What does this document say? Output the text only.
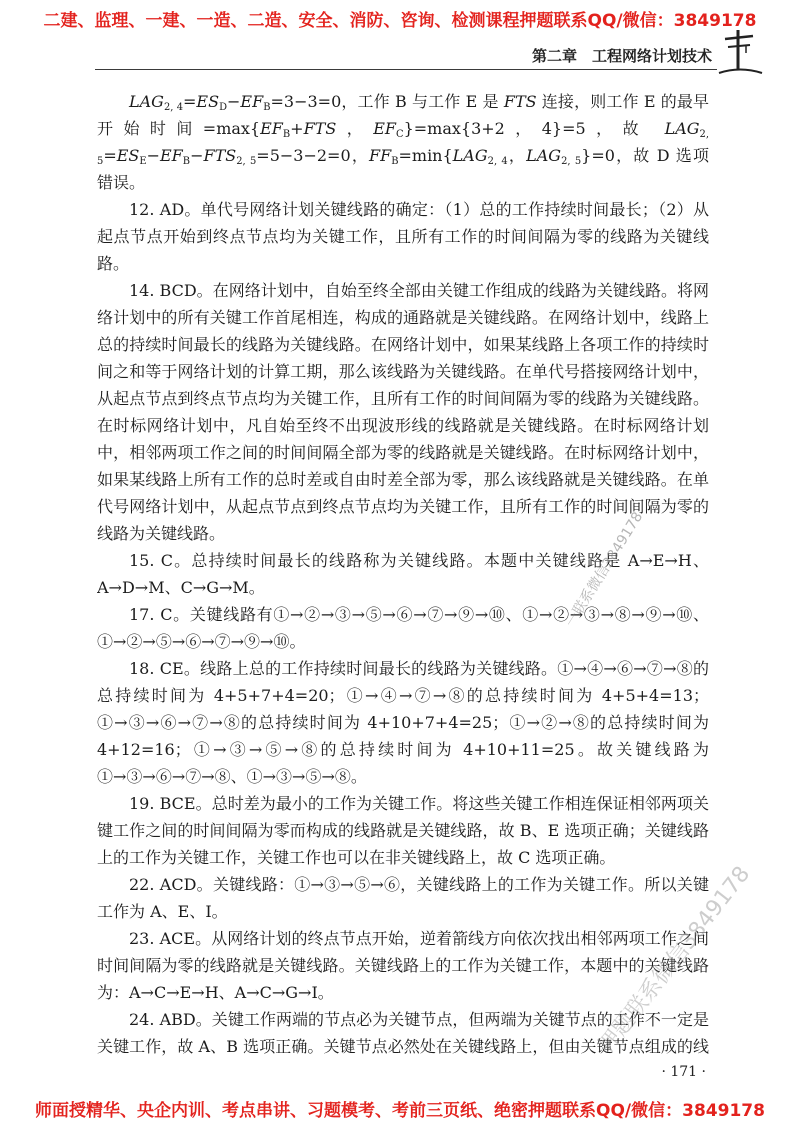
二建、监理、一建、一造、二造、安全、消防、咨询、检测课程押题联系QQ/微信：3849178
第二章　工程网络计划技术

$LAG_{2, 4}=ES_D-EF_B=3-3=0$，工作 B 与工作 E 是 FTS 连接，则工作 E 的最早开始时间$=\max\{EF_B+FTS$，$EF_C\}=\max\{3+2$，4}=5，故 $LAG_{2, 5}=ES_E-EF_B-FTS_{2, 5}=5-3-2=0$，$FF_B=\min\{LAG_{2, 4}$，$LAG_{2, 5}\}=0$，故 D 选项错误。

12. AD。单代号网络计划关键线路的确定：（1）总的工作持续时间最长；（2）从起点节点开始到终点节点均为关键工作，且所有工作的时间间隔为零的线路为关键线路。

14. BCD。在网络计划中，自始至终全部由关键工作组成的线路为关键线路。将网络计划中的所有关键工作首尾相连，构成的通路就是关键线路。在网络计划中，线路上总的持续时间最长的线路为关键线路。在网络计划中，如果某线路上各项工作的持续时间之和等于网络计划的计算工期，那么该线路为关键线路。在单代号搭接网络计划中，从起点节点到终点节点均为关键工作，且所有工作的时间间隔为零的线路为关键线路。在时标网络计划中，凡自始至终不出现波形线的线路就是关键线路。在时标网络计划中，相邻两项工作之间的时间间隔全部为零的线路就是关键线路。在时标网络计划中，如果某线路上所有工作的总时差或自由时差全部为零，那么该线路就是关键线路。在单代号网络计划中，从起点节点到终点节点均为关键工作，且所有工作的时间间隔为零的线路为关键线路。

15. C。总持续时间最长的线路称为关键线路。本题中关键线路是 A→E→H、A→D→M、C→G→M。

17. C。关键线路有①→②→③→⑤→⑥→⑦→⑨→⑩、①→②→③→⑧→⑨→⑩、①→②→⑤→⑥→⑦→⑨→⑩。

18. CE。线路上总的工作持续时间最长的线路为关键线路。①→④→⑥→⑦→⑧的总持续时间为 4+5+7+4=20；①→④→⑦→⑧的总持续时间为 4+5+4=13；①→③→⑥→⑦→⑧的总持续时间为 4+10+7+4=25；①→②→⑧的总持续时间为 4+12=16；①→③→⑤→⑧的总持续时间为 4+10+11=25。故关键线路为①→③→⑥→⑦→⑧、①→③→⑤→⑧。

19. BCE。总时差为最小的工作为关键工作。将这些关键工作相连保证相邻两项关键工作之间的时间间隔为零而构成的线路就是关键线路，故 B、E 选项正确；关键线路上的工作为关键工作，关键工作也可以在非关键线路上，故 C 选项正确。

22. ACD。关键线路：①→③→⑤→⑥，关键线路上的工作为关键工作。所以关键工作为 A、E、I。

23. ACE。从网络计划的终点节点开始，逆着箭线方向依次找出相邻两项工作之间时间间隔为零的线路就是关键线路。关键线路上的工作为关键工作，本题中的关键线路为：A→C→E→H、A→C→G→I。

24. ABD。关键工作两端的节点必为关键节点，但两端为关键节点的工作不一定是关键工作，故 A、B 选项正确。关键节点必然处在关键线路上，但由关键节点组成的线

· 171 ·
师面授精华、央企内训、考点串讲、习题模考、考前三页纸、绝密押题联系QQ/微信：3849178
一联系微信3849178
押题联系微信3849178
